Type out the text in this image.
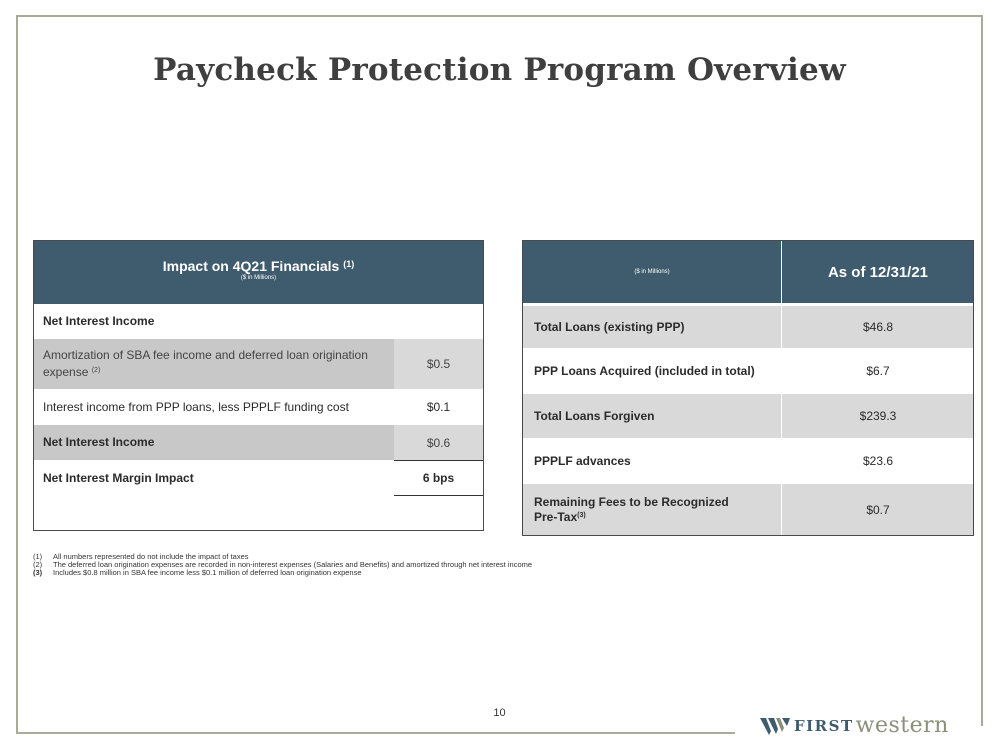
Paycheck Protection Program Overview
Impact on 4Q21 Financials $^{(1)}$
($ in Millions)
Net Interest Income
Amortization of SBA fee income and deferred loan origination expense $^{(2)}$	$0.5
Interest income from PPP loans, less PPPLF funding cost	$0.1
Net Interest Income	$0.6
Net Interest Margin Impact	6 bps
($ in Millions)	As of 12/31/21
Total Loans (existing PPP)	$46.8
PPP Loans Acquired (included in total)	$6.7
Total Loans Forgiven	$239.3
PPPLF advances	$23.6
Remaining Fees to be Recognized
Pre-Tax$^{(3)}$	$0.7
(1)	All numbers represented do not include the impact of taxes
(2)	The deferred loan origination expenses are recorded in non-interest expenses (Salaries and Benefits) and amortized through net interest income
(3)	Includes $0.8 million in SBA fee income less $0.1 million of deferred loan origination expense
10
FIRST western
